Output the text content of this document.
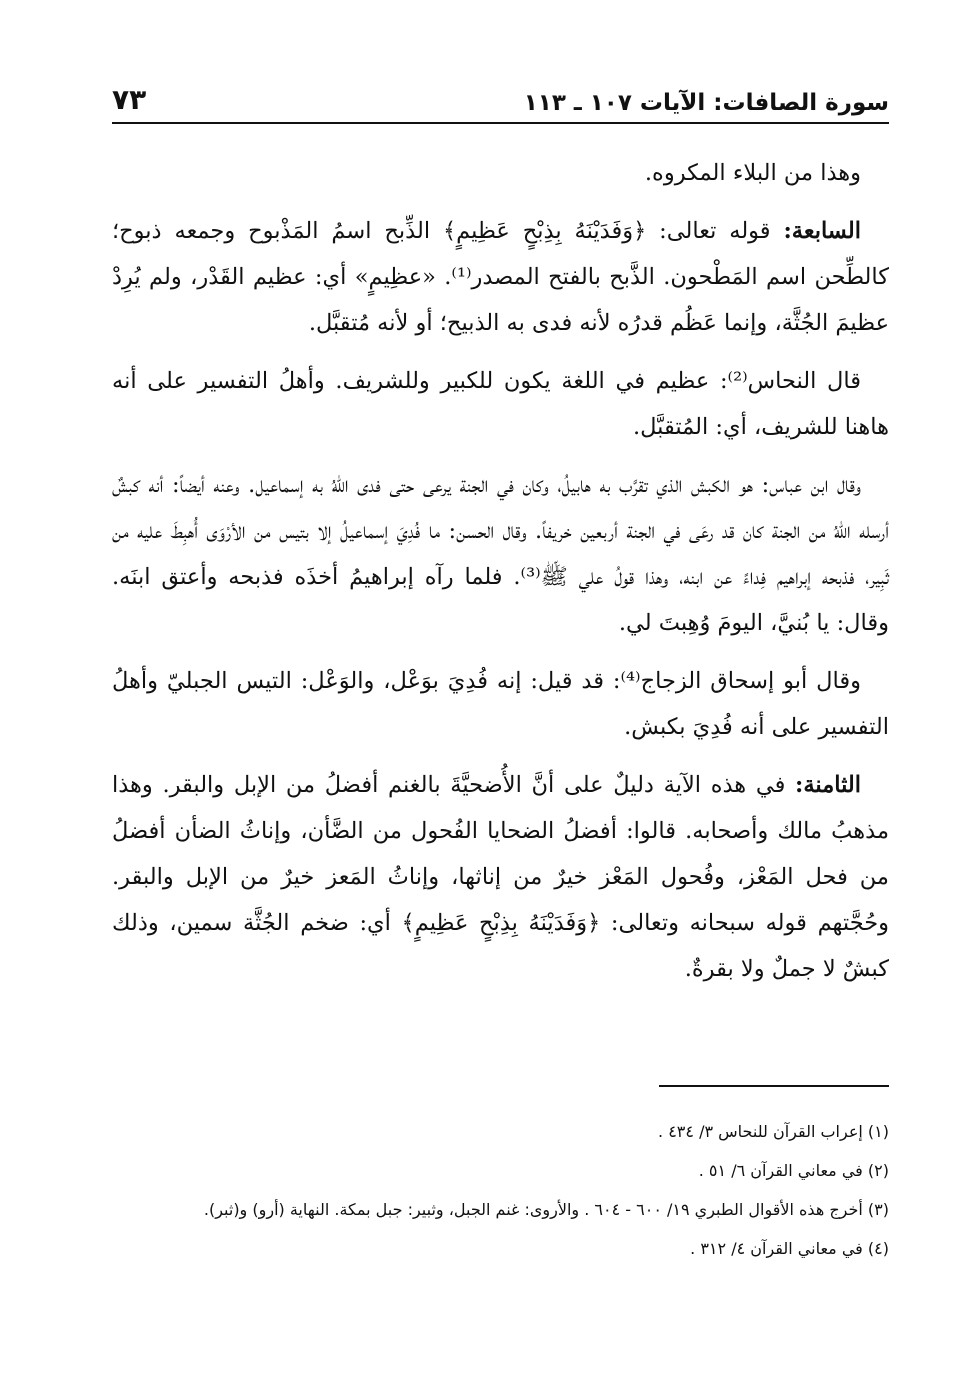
سورة الصافات: الآيات ١٠٧ ـ ١١٣
٧٣

وهذا من البلاء المكروه.

السابعة: قوله تعالى: ﴿وَفَدَيْنَهُ بِذِبْحٍ عَظِيمٍ﴾ الذِّبح اسمُ المَذْبوح وجمعه ذبوح؛ كالطِّحن اسم المَطْحون. الذَّبح بالفتح المصدر⁽¹⁾. «عظِيمٍ» أي: عظيم القَدْر، ولم يُرِدْ عظيمَ الجُثَّة، وإنما عَظُم قدرُه لأنه فدى به الذبيح؛ أو لأنه مُتقبَّل.

قال النحاس⁽²⁾: عظيم في اللغة يكون للكبير وللشريف. وأهلُ التفسير على أنه هاهنا للشريف، أي: المُتقبَّل.

وقال ابن عباس: هو الكبش الذي تقرَّب به هابيلُ، وكان في الجنة يرعى حتى فدى اللهُ به إسماعيل. وعنه أيضاً: أنه كبشٌ أرسله اللهُ من الجنة كان قد رعَى في الجنة أربعين خريفاً. وقال الحسن: ما فُدِيَ إسماعيلُ إلا بتيس من الأرْوَى أُهبِطَ عليه من ثَبِير، فذبحه إبراهيم فِداءً عن ابنه، وهذا قولُ علي ﷺ⁽³⁾. فلما رآه إبراهيمُ أخذَه فذبحه وأعتق ابنَه. وقال: يا بُنيَّ، اليومَ وُهِبتَ لي.

وقال أبو إسحاق الزجاج⁽⁴⁾: قد قيل: إنه فُدِيَ بوَعْل، والوَعْل: التيس الجبليّ وأهلُ التفسير على أنه فُدِيَ بكبش.

الثامنة: في هذه الآية دليلٌ على أنَّ الأُضحيَّةَ بالغنم أفضلُ من الإبل والبقر. وهذا مذهبُ مالك وأصحابه. قالوا: أفضلُ الضحايا الفُحول من الضَّأن، وإناثُ الضأن أفضلُ من فحل المَعْز، وفُحول المَعْز خيرٌ من إناثها، وإناثُ المَعز خيرٌ من الإبل والبقر. وحُجَّتهم قوله سبحانه وتعالى: ﴿وَفَدَيْنَهُ بِذِبْحٍ عَظِيمٍ﴾ أي: ضخم الجُثَّة سمين، وذلك كبشٌ لا جملٌ ولا بقرةٌ.

(١) إعراب القرآن للنحاس ٣/ ٤٣٤ .

(٢) في معاني القرآن ٦/ ٥١ .

(٣) أخرج هذه الأقوال الطبري ١٩/ ٦٠٠ - ٦٠٤ . والأروى: غنم الجبل، وثبير: جبل بمكة. النهاية (أرو) و(ثبر).

(٤) في معاني القرآن ٤/ ٣١٢ .
